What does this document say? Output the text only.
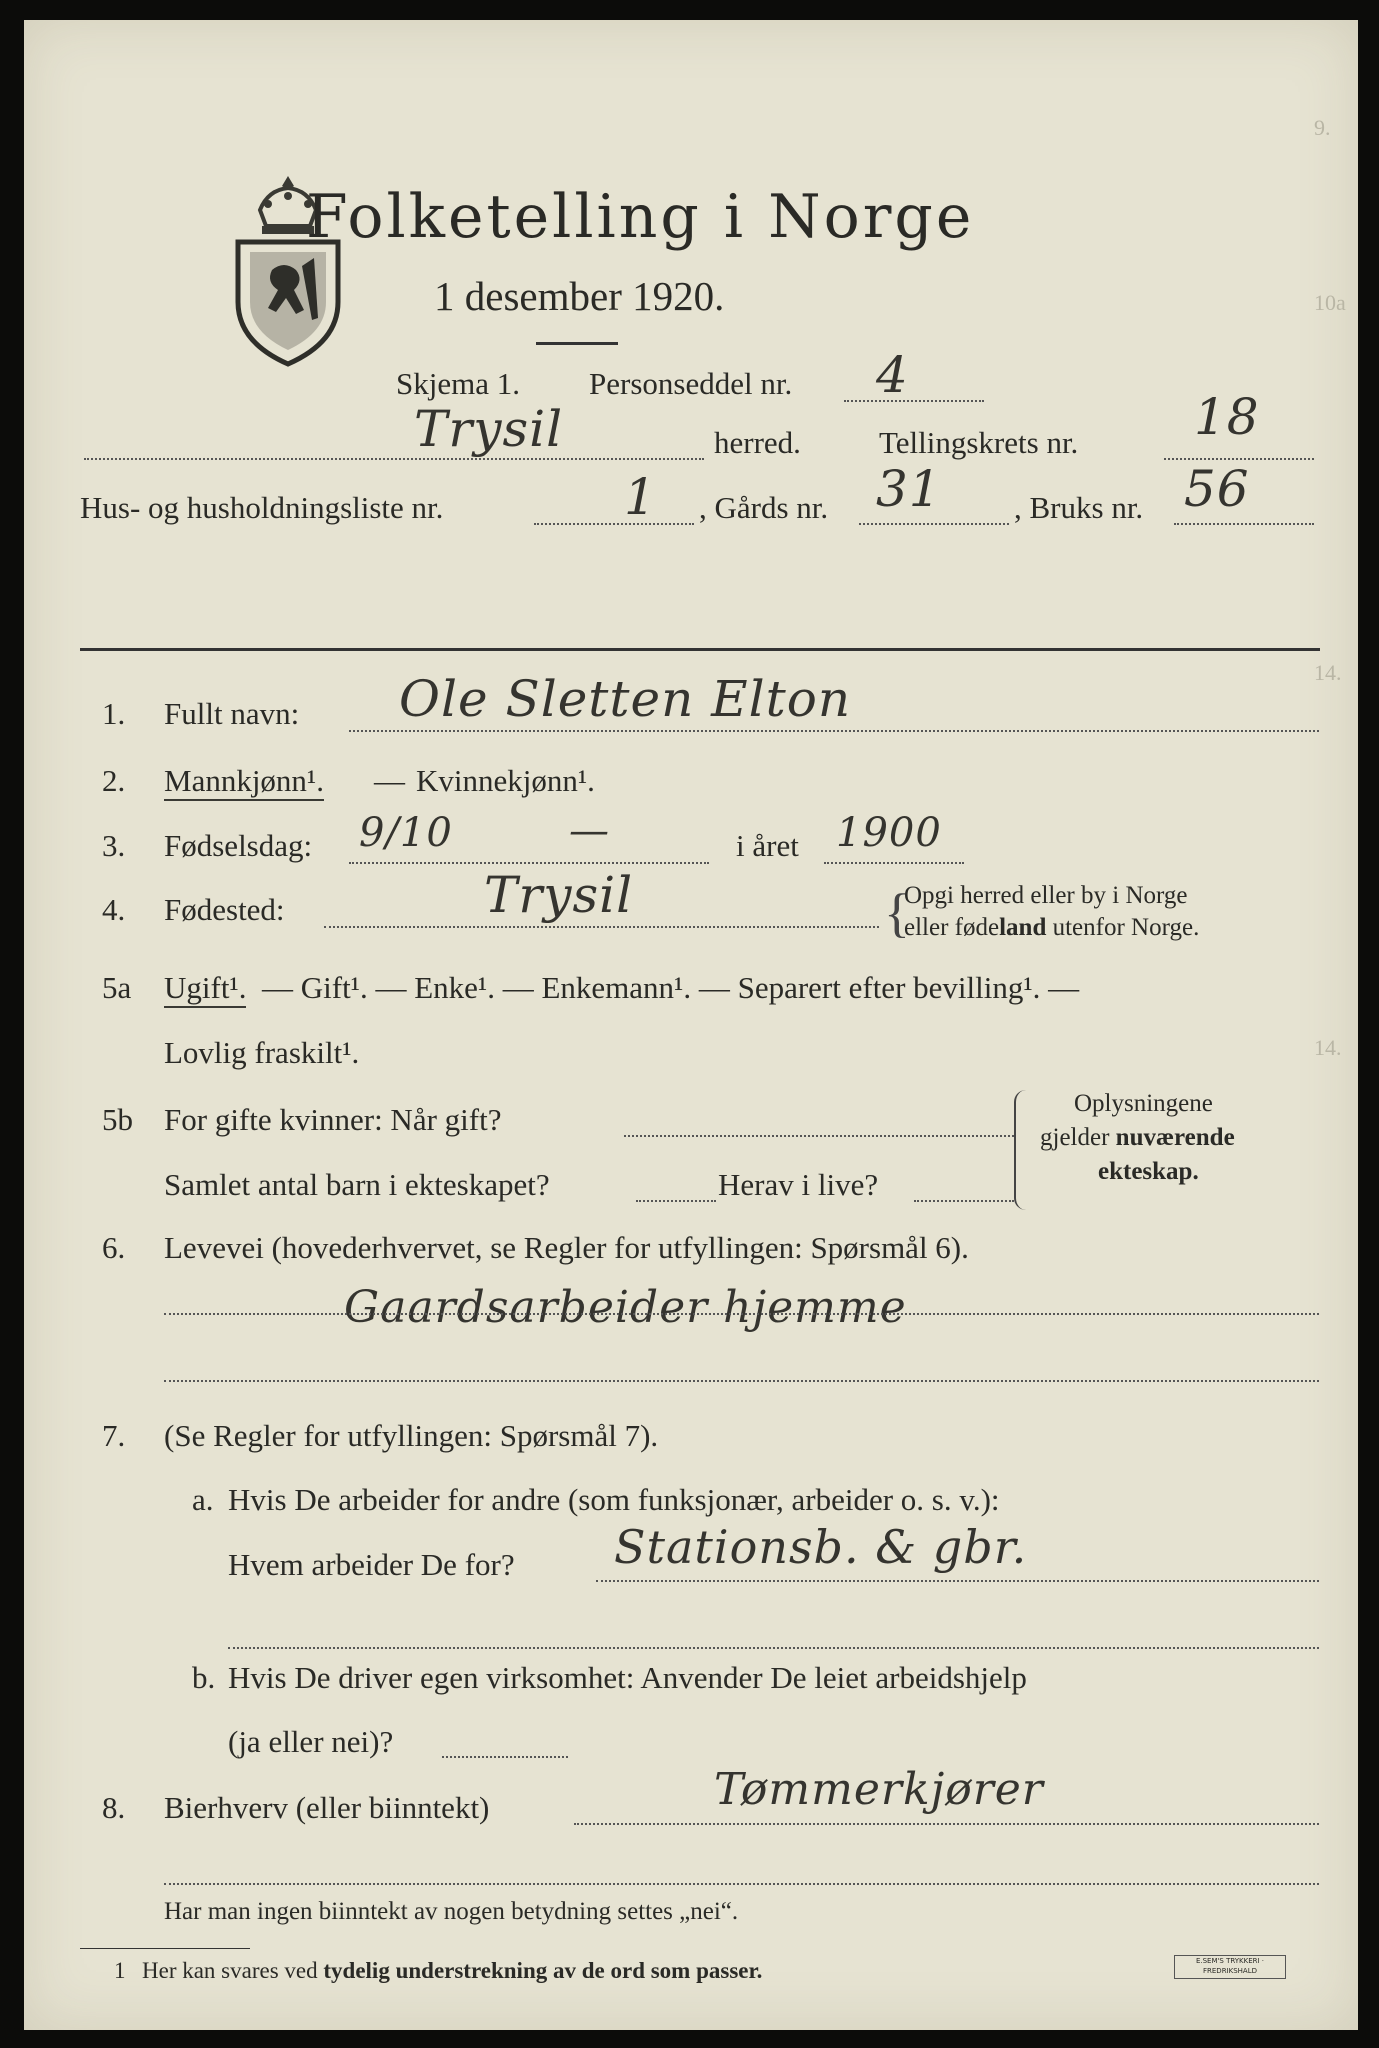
9.
10a
14.
14.
Folketelling i Norge
1 desember 1920.
Skjema 1. Personseddel nr. 4
Trysil	herred.	Tellingskrets nr. 18
Hus- og husholdningsliste nr.	1 , Gårds nr. 31 , Bruks nr. 56
1. Fullt navn: Ole Sletten Elton
2. Mannkjønn¹. — Kvinnekjønn¹.
3. Fødselsdag: 9/10	—	i året 1900
4. Fødested:	Trysil	{
Opgi herred eller by i Norge
eller fødeland utenfor Norge.
5a Ugift¹. — Gift¹. — Enke¹. — Enkemann¹. — Separert efter bevilling¹. —
Lovlig fraskilt¹.
5b For gifte kvinner: Når gift?
Samlet antal barn i ekteskapet?	Herav i live?
Oplysningene
gjelder nuværende
ekteskap.
6. Levevei (hovederhvervet, se Regler for utfyllingen: Spørsmål 6).
Gaardsarbeider hjemme
7. (Se Regler for utfyllingen: Spørsmål 7).
a. Hvis De arbeider for andre (som funksjonær, arbeider o. s. v.):
Hvem arbeider De for? Stationsb. & gbr.
b. Hvis De driver egen virksomhet: Anvender De leiet arbeidshjelp
(ja eller nei)?
8. Bierhverv (eller biinntekt)	Tømmerkjører
Har man ingen biinntekt av nogen betydning settes „nei“.
1 Her kan svares ved tydelig understrekning av de ord som passer.	E.SEM'S TRYKKERI · FREDRIKSHALD
